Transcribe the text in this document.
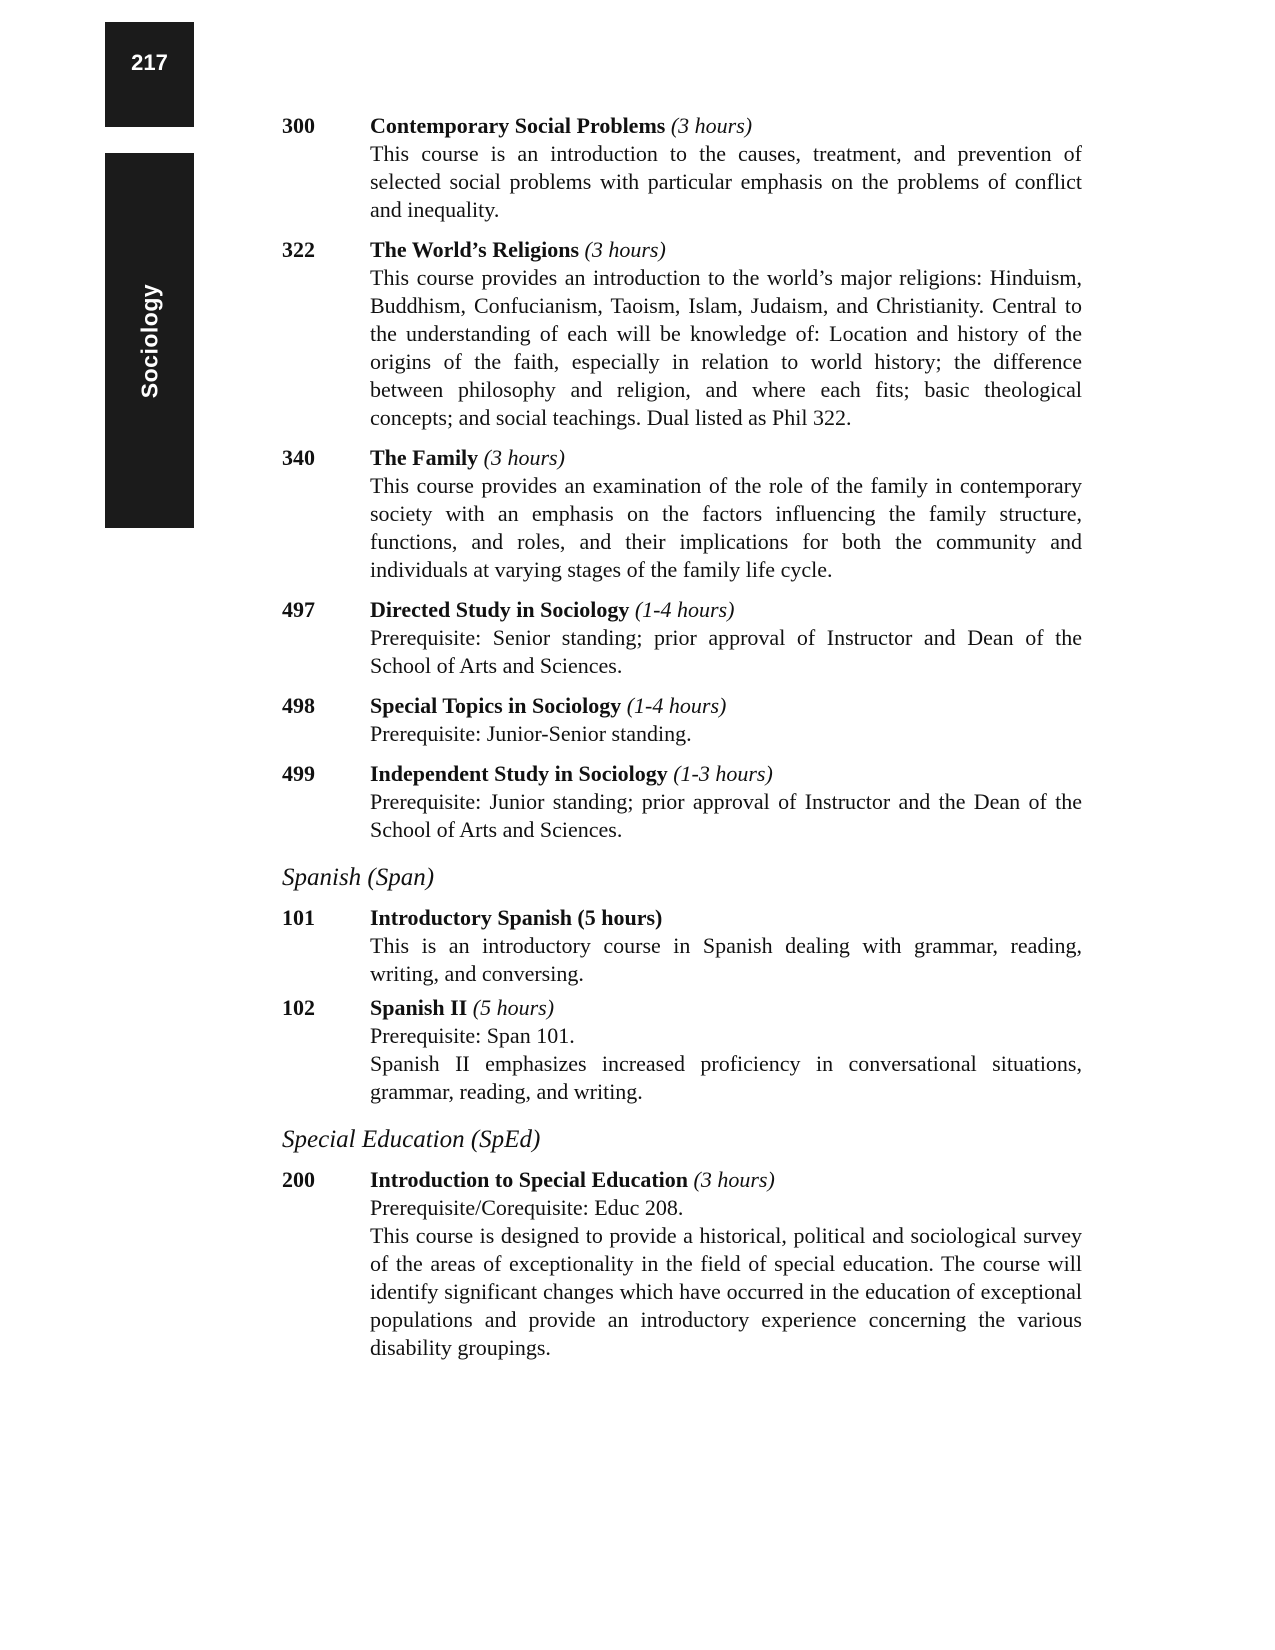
217
Sociology
300	Contemporary Social Problems (3 hours)

This course is an introduction to the causes, treatment, and prevention of selected social problems with particular emphasis on the problems of conflict and inequality.

322	The World’s Religions (3 hours)

This course provides an introduction to the world’s major religions: Hinduism, Buddhism, Confucianism, Taoism, Islam, Judaism, and Christianity. Central to the understanding of each will be knowledge of: Location and history of the origins of the faith, especially in relation to world history; the difference between philosophy and religion, and where each fits; basic theological concepts; and social teachings. Dual listed as Phil 322.

340	The Family (3 hours)

This course provides an examination of the role of the family in contemporary society with an emphasis on the factors influencing the family structure, functions, and roles, and their implications for both the community and individuals at varying stages of the family life cycle.

497	Directed Study in Sociology (1-4 hours)

Prerequisite: Senior standing; prior approval of Instructor and Dean of the School of Arts and Sciences.

498	Special Topics in Sociology (1-4 hours)

Prerequisite: Junior-Senior standing.

499	Independent Study in Sociology (1-3 hours)

Prerequisite: Junior standing; prior approval of Instructor and the Dean of the School of Arts and Sciences.

Spanish (Span)
101	Introductory Spanish (5 hours)

This is an introductory course in Spanish dealing with grammar, reading, writing, and conversing.

102	Spanish II (5 hours)

Prerequisite: Span 101.

Spanish II emphasizes increased proficiency in conversational situations, grammar, reading, and writing.

Special Education (SpEd)
200	Introduction to Special Education (3 hours)

Prerequisite/Corequisite: Educ 208.

This course is designed to provide a historical, political and sociological survey of the areas of exceptionality in the field of special education. The course will identify significant changes which have occurred in the education of exceptional populations and provide an introductory experience concerning the various disability groupings.
